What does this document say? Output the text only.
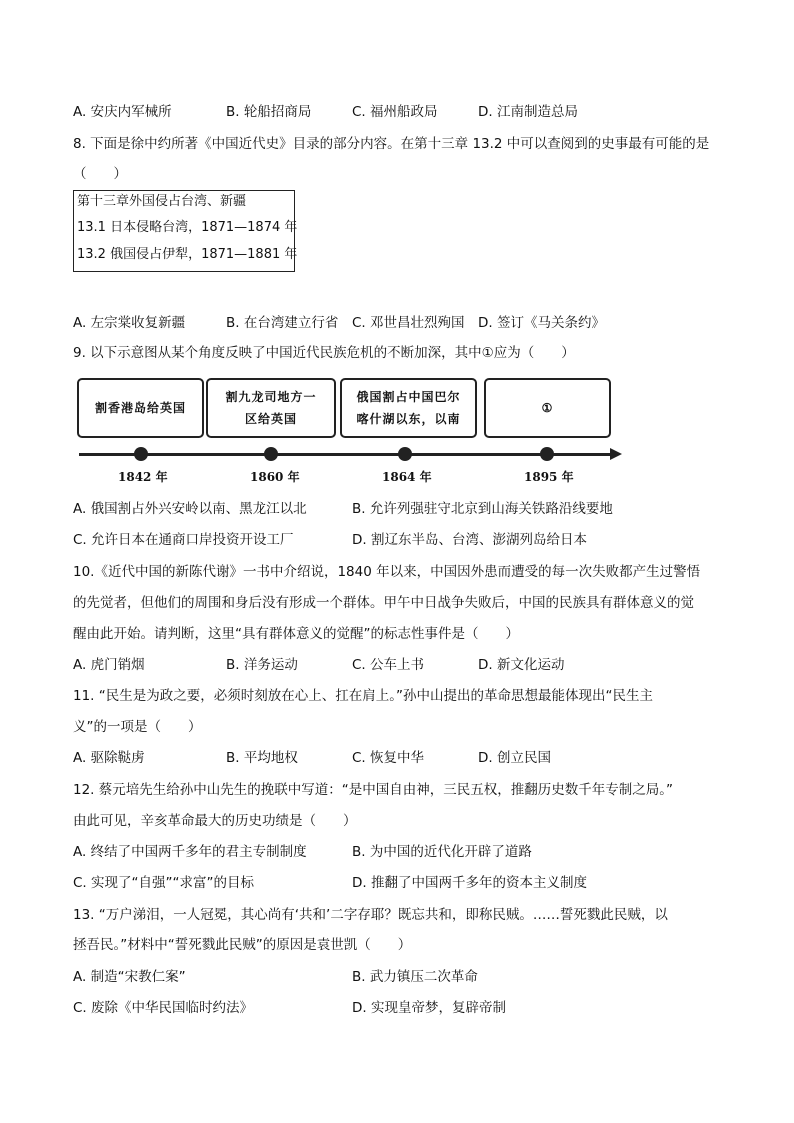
A. 安庆内军械所	B. 轮船招商局	C. 福州船政局	D. 江南制造总局
8. 下面是徐中约所著《中国近代史》目录的部分内容。在第十三章 13.2 中可以查阅到的史事最有可能的是
（　　）
第十三章外国侵占台湾、新疆
13.1 日本侵略台湾，1871—1874 年
13.2 俄国侵占伊犁，1871—1881 年
A. 左宗棠收复新疆	B. 在台湾建立行省 C. 邓世昌壮烈殉国 D. 签订《马关条约》
9. 以下示意图从某个角度反映了中国近代民族危机的不断加深，其中①应为（　　）
割香港岛给英国
割九龙司地方一
区给英国
俄国割占中国巴尔
喀什湖以东，以南
①
1842 年	1860 年	1864 年	1895 年
A. 俄国割占外兴安岭以南、黑龙江以北	B. 允许列强驻守北京到山海关铁路沿线要地
C. 允许日本在通商口岸投资开设工厂	D. 割辽东半岛、台湾、澎湖列岛给日本
10.《近代中国的新陈代谢》一书中介绍说，1840 年以来，中国因外患而遭受的每一次失败都产生过警悟
的先觉者，但他们的周围和身后没有形成一个群体。甲午中日战争失败后，中国的民族具有群体意义的觉
醒由此开始。请判断，这里“具有群体意义的觉醒”的标志性事件是（　　）
A. 虎门销烟	B. 洋务运动	C. 公车上书	D. 新文化运动
11. “民生是为政之要，必须时刻放在心上、扛在肩上。”孙中山提出的革命思想最能体现出“民生主
义”的一项是（　　）
A. 驱除鞑虏	B. 平均地权	C. 恢复中华	D. 创立民国
12. 蔡元培先生给孙中山先生的挽联中写道：“是中国自由神，三民五权，推翻历史数千年专制之局。”
由此可见，辛亥革命最大的历史功绩是（　　）
A. 终结了中国两千多年的君主专制制度	B. 为中国的近代化开辟了道路
C. 实现了“自强”“求富”的目标	D. 推翻了中国两千多年的资本主义制度
13. “万户涕泪，一人冠冕，其心尚有‘共和’二字存耶？既忘共和，即称民贼。……誓死戮此民贼，以
拯吾民。”材料中“誓死戮此民贼”的原因是袁世凯（　　）
A. 制造“宋教仁案”	B. 武力镇压二次革命
C. 废除《中华民国临时约法》	D. 实现皇帝梦，复辟帝制
